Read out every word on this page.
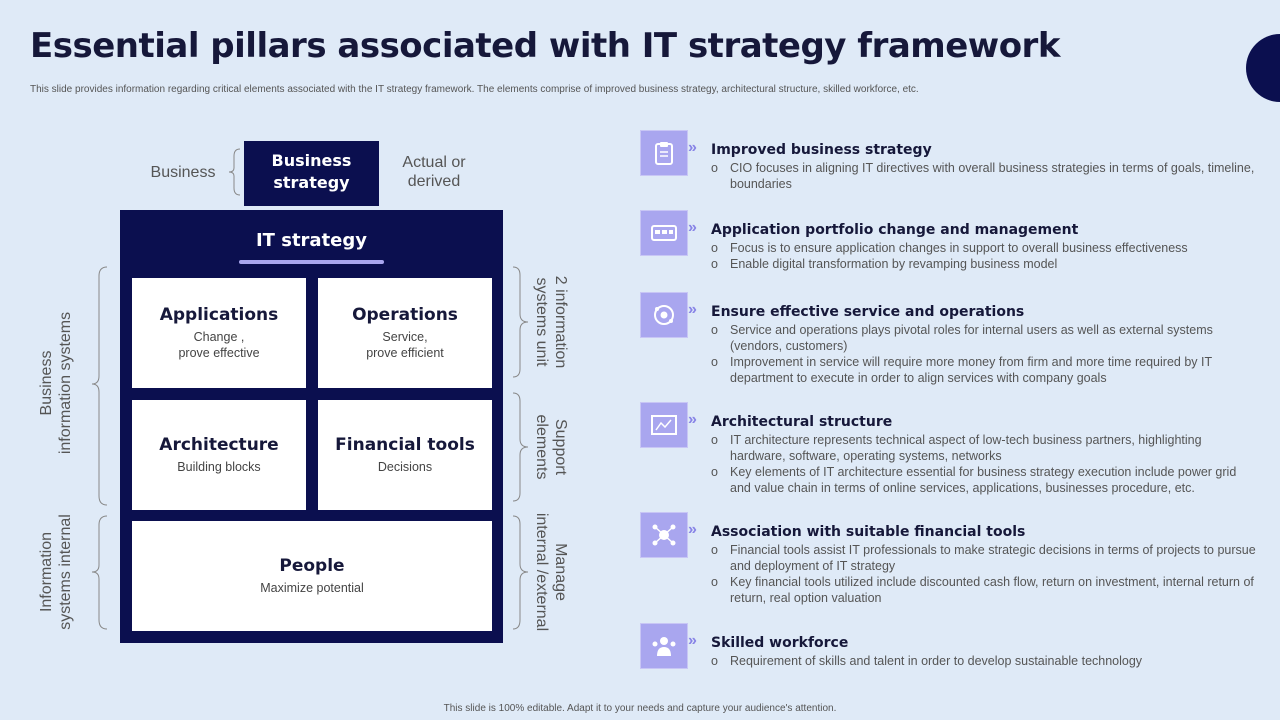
Essential pillars associated with IT strategy framework
This slide provides information regarding critical elements associated with the IT strategy framework. The elements comprise of improved business strategy, architectural structure, skilled workforce, etc.
Business
Business
strategy
Actual or
derived
IT strategy
Applications
Change ,
prove effective
Operations
Service,
prove efficient
Architecture
Building blocks
Financial tools
Decisions
People
Maximize potential
Business information systems
Information systems internal
2 information
systems unit
Support
elements
Manage
internal /external
» Improved business strategy
o CIO focuses in aligning IT directives with overall business strategies in terms of goals, timeline, boundaries
» Application portfolio change and management
o Focus is to ensure application changes in support to overall business effectiveness
o Enable digital transformation by revamping business model
» Ensure effective service and operations
o Service and operations plays pivotal roles for internal users as well as external systems (vendors, customers)
o Improvement in service will require more money from firm and more time required by IT department to execute in order to align services with company goals
» Architectural structure
o IT architecture represents technical aspect of low-tech business partners, highlighting hardware, software, operating systems, networks
o Key elements of IT architecture essential for business strategy execution include power grid and value chain in terms of online services, applications, businesses procedure, etc.
» Association with suitable financial tools
o Financial tools assist IT professionals to make strategic decisions in terms of projects to pursue and deployment of IT strategy
o Key financial tools utilized include discounted cash flow, return on investment, internal return of return, real option valuation
» Skilled workforce
o Requirement of skills and talent in order to develop sustainable technology
This slide is 100% editable. Adapt it to your needs and capture your audience's attention.
